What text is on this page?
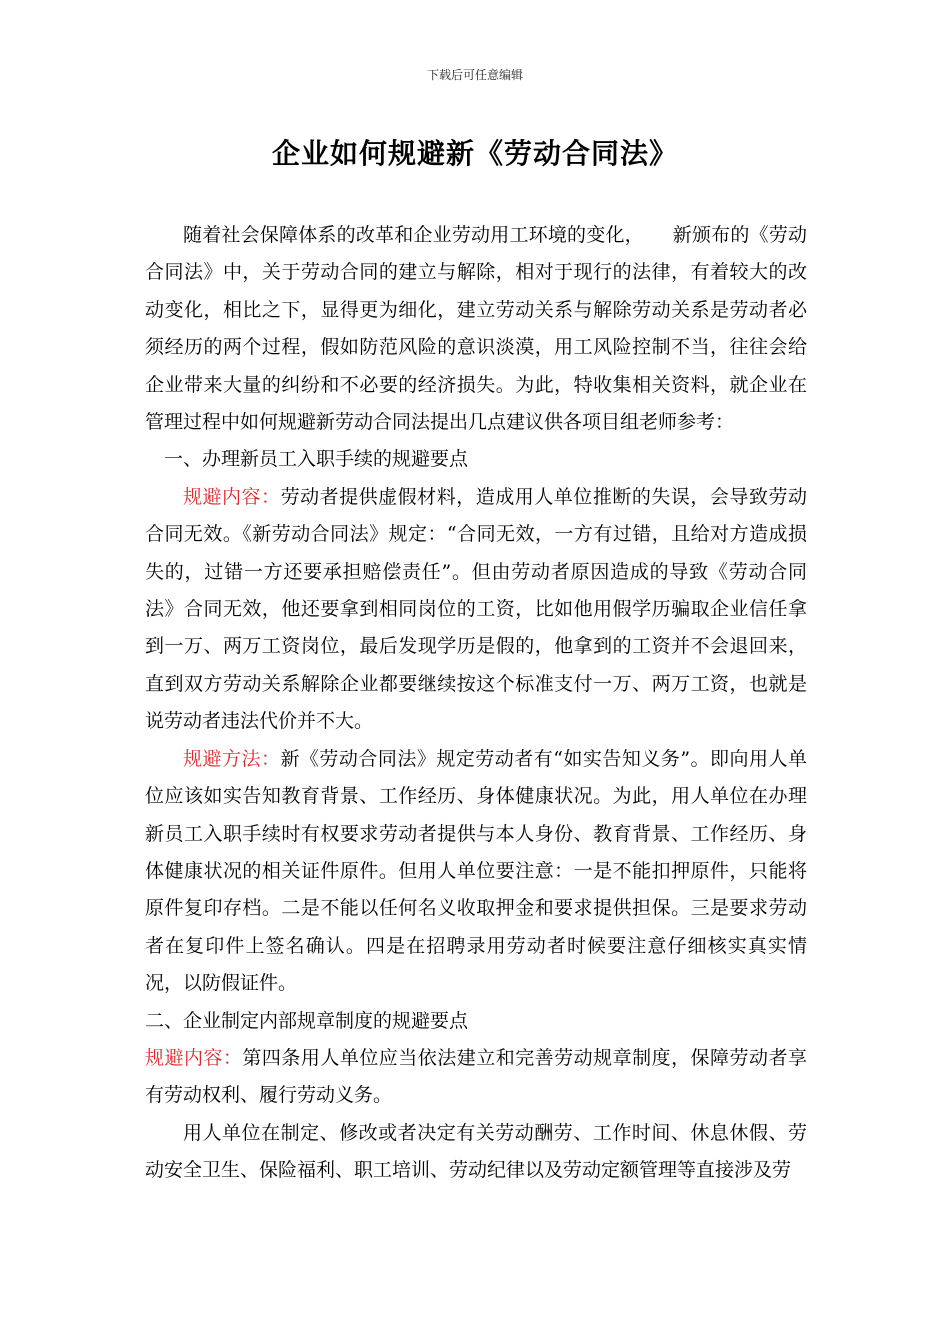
下载后可任意编辑
企业如何规避新《劳动合同法》

随着社会保障体系的改革和企业劳动用工环境的变化，　　新颁布的《劳动合同法》中，关于劳动合同的建立与解除，相对于现行的法律，有着较大的改动变化，相比之下，显得更为细化，建立劳动关系与解除劳动关系是劳动者必须经历的两个过程，假如防范风险的意识淡漠，用工风险控制不当，往往会给企业带来大量的纠纷和不必要的经济损失。为此，特收集相关资料，就企业在管理过程中如何规避新劳动合同法提出几点建议供各项目组老师参考：

一、办理新员工入职手续的规避要点

规避内容：劳动者提供虚假材料，造成用人单位推断的失误，会导致劳动合同无效。《新劳动合同法》规定：“合同无效，一方有过错，且给对方造成损失的，过错一方还要承担赔偿责任”。但由劳动者原因造成的导致《劳动合同法》合同无效，他还要拿到相同岗位的工资，比如他用假学历骗取企业信任拿到一万、两万工资岗位，最后发现学历是假的，他拿到的工资并不会退回来，直到双方劳动关系解除企业都要继续按这个标准支付一万、两万工资，也就是说劳动者违法代价并不大。

规避方法：新《劳动合同法》规定劳动者有“如实告知义务”。即向用人单位应该如实告知教育背景、工作经历、身体健康状况。为此，用人单位在办理新员工入职手续时有权要求劳动者提供与本人身份、教育背景、工作经历、身体健康状况的相关证件原件。但用人单位要注意：一是不能扣押原件，只能将原件复印存档。二是不能以任何名义收取押金和要求提供担保。三是要求劳动者在复印件上签名确认。四是在招聘录用劳动者时候要注意仔细核实真实情况，以防假证件。

二、企业制定内部规章制度的规避要点

规避内容：第四条用人单位应当依法建立和完善劳动规章制度，保障劳动者享有劳动权利、履行劳动义务。

用人单位在制定、修改或者决定有关劳动酬劳、工作时间、休息休假、劳动安全卫生、保险福利、职工培训、劳动纪律以及劳动定额管理等直接涉及劳
